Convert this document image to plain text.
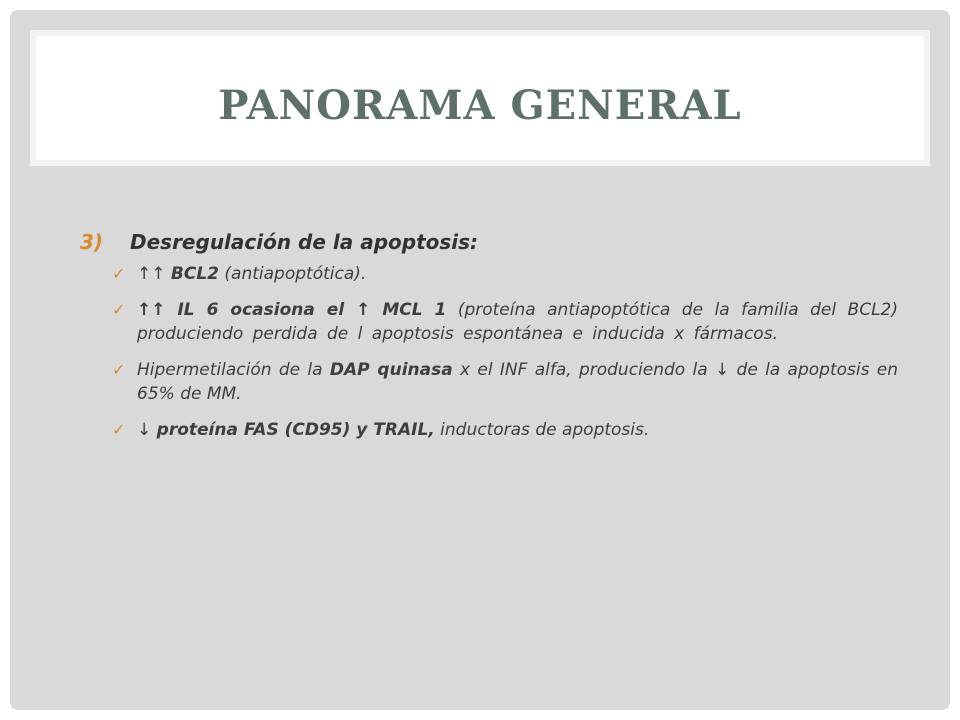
PANORAMA GENERAL
3)	Desregulación de la apoptosis:
✓ ↑↑ BCL2 (antiapoptótica).
✓ ↑↑ IL 6 ocasiona el ↑ MCL 1 (proteína antiapoptótica de la familia del BCL2) produciendo perdida de l apoptosis espontánea e inducida x fármacos.
✓ Hipermetilación de la DAP quinasa x el INF alfa, produciendo la ↓ de la apoptosis en 65% de MM.
✓ ↓ proteína FAS (CD95) y TRAIL, inductoras de apoptosis.
